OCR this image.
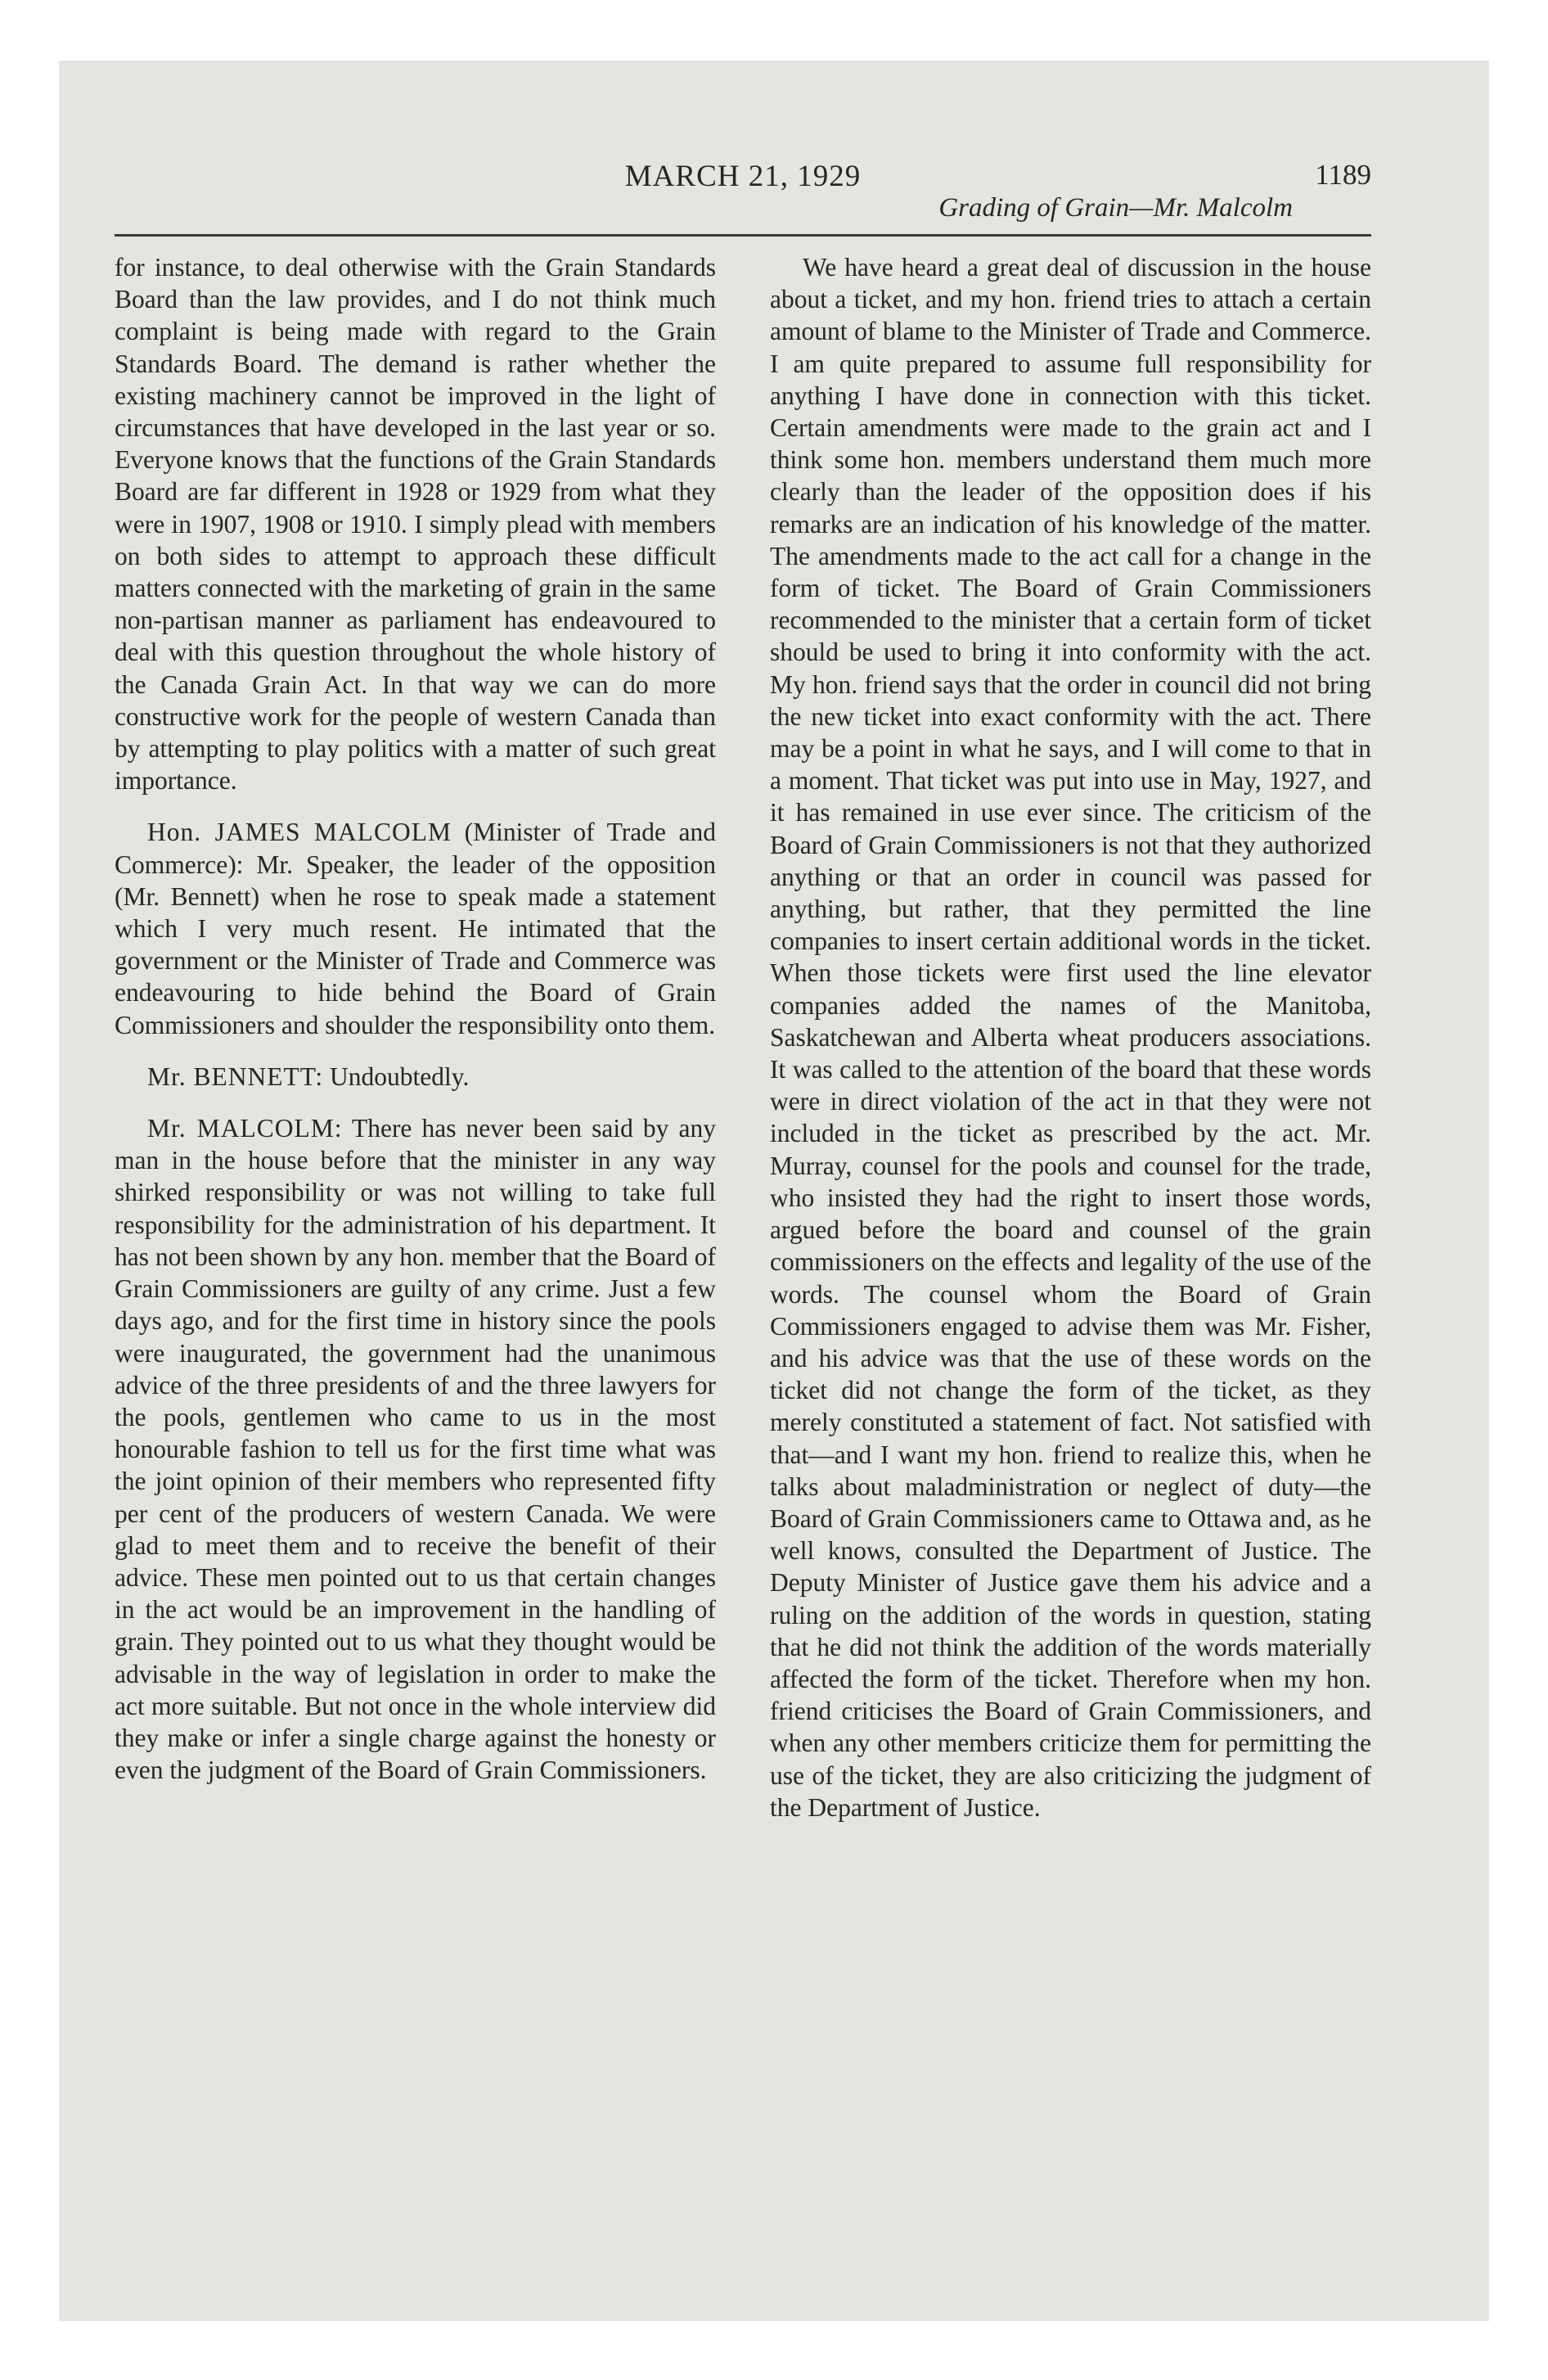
MARCH 21, 1929
Grading of Grain—Mr. Malcolm
1189

for instance, to deal otherwise with the Grain Standards Board than the law provides, and I do not think much complaint is being made with regard to the Grain Standards Board. The demand is rather whether the existing machinery cannot be improved in the light of circumstances that have developed in the last year or so. Everyone knows that the functions of the Grain Standards Board are far different in 1928 or 1929 from what they were in 1907, 1908 or 1910. I simply plead with members on both sides to attempt to approach these difficult matters connected with the marketing of grain in the same non-partisan manner as parliament has endeavoured to deal with this question throughout the whole history of the Canada Grain Act. In that way we can do more constructive work for the people of western Canada than by attempting to play politics with a matter of such great importance.

Hon. JAMES MALCOLM (Minister of Trade and Commerce): Mr. Speaker, the leader of the opposition (Mr. Bennett) when he rose to speak made a statement which I very much resent. He intimated that the government or the Minister of Trade and Commerce was endeavouring to hide behind the Board of Grain Commissioners and shoulder the responsibility onto them.

Mr. BENNETT: Undoubtedly.

Mr. MALCOLM: There has never been said by any man in the house before that the minister in any way shirked responsibility or was not willing to take full responsibility for the administration of his department. It has not been shown by any hon. member that the Board of Grain Commissioners are guilty of any crime. Just a few days ago, and for the first time in history since the pools were inaugurated, the government had the unanimous advice of the three presidents of and the three lawyers for the pools, gentlemen who came to us in the most honourable fashion to tell us for the first time what was the joint opinion of their members who represented fifty per cent of the producers of western Canada. We were glad to meet them and to receive the benefit of their advice. These men pointed out to us that certain changes in the act would be an improvement in the handling of grain. They pointed out to us what they thought would be advisable in the way of legislation in order to make the act more suitable. But not once in the whole interview did they make or infer a single charge against the honesty or even the judgment of the Board of Grain Commissioners.

We have heard a great deal of discussion in the house about a ticket, and my hon. friend tries to attach a certain amount of blame to the Minister of Trade and Commerce. I am quite prepared to assume full responsibility for anything I have done in connection with this ticket. Certain amendments were made to the grain act and I think some hon. members understand them much more clearly than the leader of the opposition does if his remarks are an indication of his knowledge of the matter. The amendments made to the act call for a change in the form of ticket. The Board of Grain Commissioners recommended to the minister that a certain form of ticket should be used to bring it into conformity with the act. My hon. friend says that the order in council did not bring the new ticket into exact conformity with the act. There may be a point in what he says, and I will come to that in a moment. That ticket was put into use in May, 1927, and it has remained in use ever since. The criticism of the Board of Grain Commissioners is not that they authorized anything or that an order in council was passed for anything, but rather, that they permitted the line companies to insert certain additional words in the ticket. When those tickets were first used the line elevator companies added the names of the Manitoba, Saskatchewan and Alberta wheat producers associations. It was called to the attention of the board that these words were in direct violation of the act in that they were not included in the ticket as prescribed by the act. Mr. Murray, counsel for the pools and counsel for the trade, who insisted they had the right to insert those words, argued before the board and counsel of the grain commissioners on the effects and legality of the use of the words. The counsel whom the Board of Grain Commissioners engaged to advise them was Mr. Fisher, and his advice was that the use of these words on the ticket did not change the form of the ticket, as they merely constituted a statement of fact. Not satisfied with that—and I want my hon. friend to realize this, when he talks about maladministration or neglect of duty—the Board of Grain Commissioners came to Ottawa and, as he well knows, consulted the Department of Justice. The Deputy Minister of Justice gave them his advice and a ruling on the addition of the words in question, stating that he did not think the addition of the words materially affected the form of the ticket. Therefore when my hon. friend criticises the Board of Grain Commissioners, and when any other members criticize them for permitting the use of the ticket, they are also criticizing the judgment of the Department of Justice.
